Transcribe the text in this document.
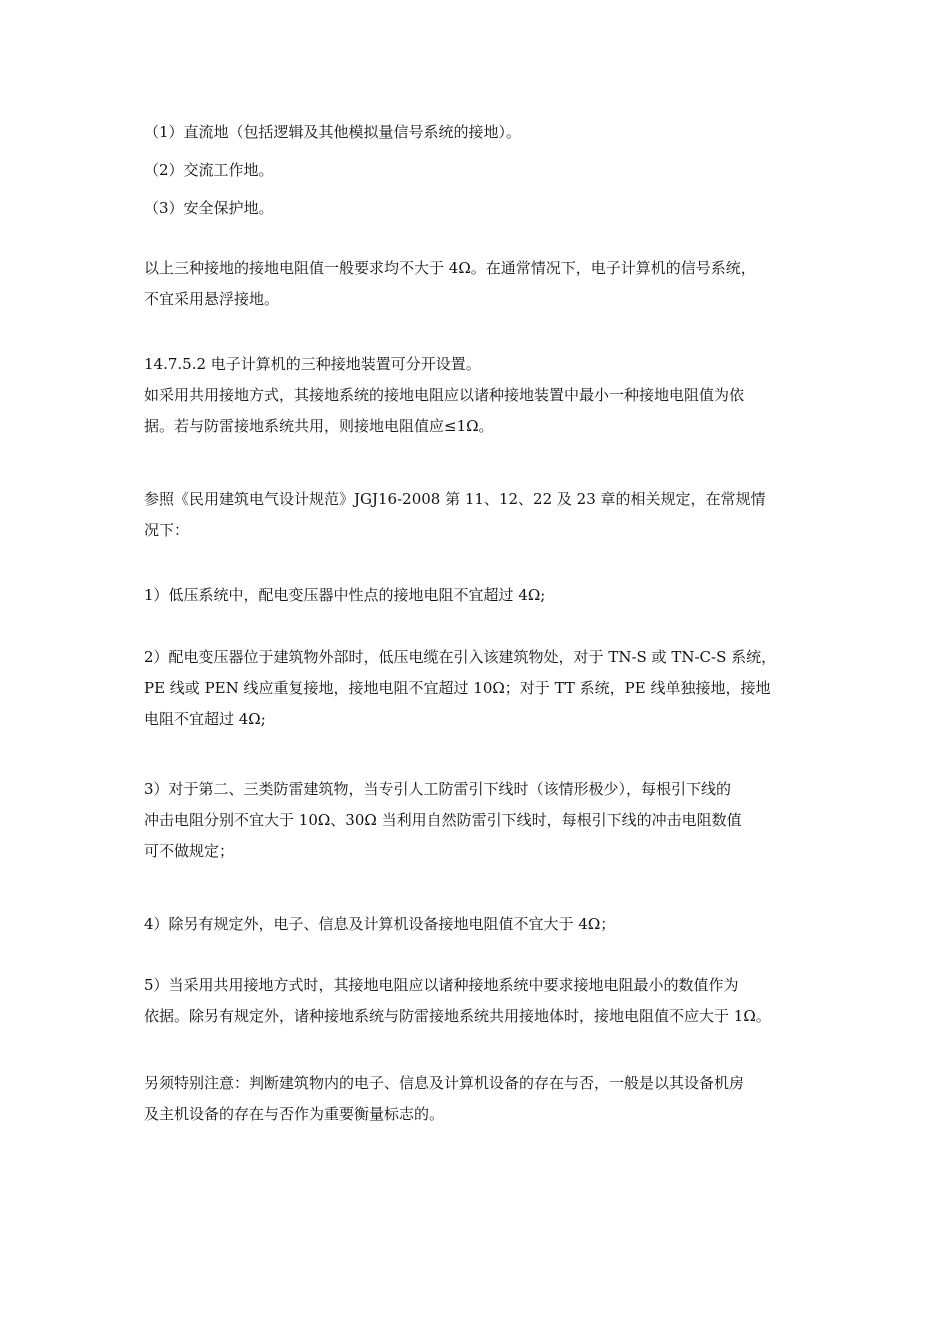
（1）直流地（包括逻辑及其他模拟量信号系统的接地）。

（2）交流工作地。

（3）安全保护地。

以上三种接地的接地电阻值一般要求均不大于 4Ω。在通常情况下，电子计算机的信号系统，
不宜采用悬浮接地。

14.7.5.2 电子计算机的三种接地装置可分开设置。

如采用共用接地方式，其接地系统的接地电阻应以诸种接地装置中最小一种接地电阻值为依
据。若与防雷接地系统共用，则接地电阻值应≤1Ω。

参照《民用建筑电气设计规范》JGJ16-2008 第 11、12、22 及 23 章的相关规定，在常规情
况下：

1）低压系统中，配电变压器中性点的接地电阻不宜超过 4Ω;

2）配电变压器位于建筑物外部时，低压电缆在引入该建筑物处，对于 TN-S 或 TN-C-S 系统，
PE 线或 PEN 线应重复接地，接地电阻不宜超过 10Ω；对于 TT 系统，PE 线单独接地，接地
电阻不宜超过 4Ω;

3）对于第二、三类防雷建筑物，当专引人工防雷引下线时（该情形极少），每根引下线的
冲击电阻分别不宜大于 10Ω、30Ω 当利用自然防雷引下线时，每根引下线的冲击电阻数值
可不做规定；

4）除另有规定外，电子、信息及计算机设备接地电阻值不宜大于 4Ω；

5）当采用共用接地方式时，其接地电阻应以诸种接地系统中要求接地电阻最小的数值作为
依据。除另有规定外，诸种接地系统与防雷接地系统共用接地体时，接地电阻值不应大于 1Ω。

另须特别注意：判断建筑物内的电子、信息及计算机设备的存在与否，一般是以其设备机房
及主机设备的存在与否作为重要衡量标志的。
